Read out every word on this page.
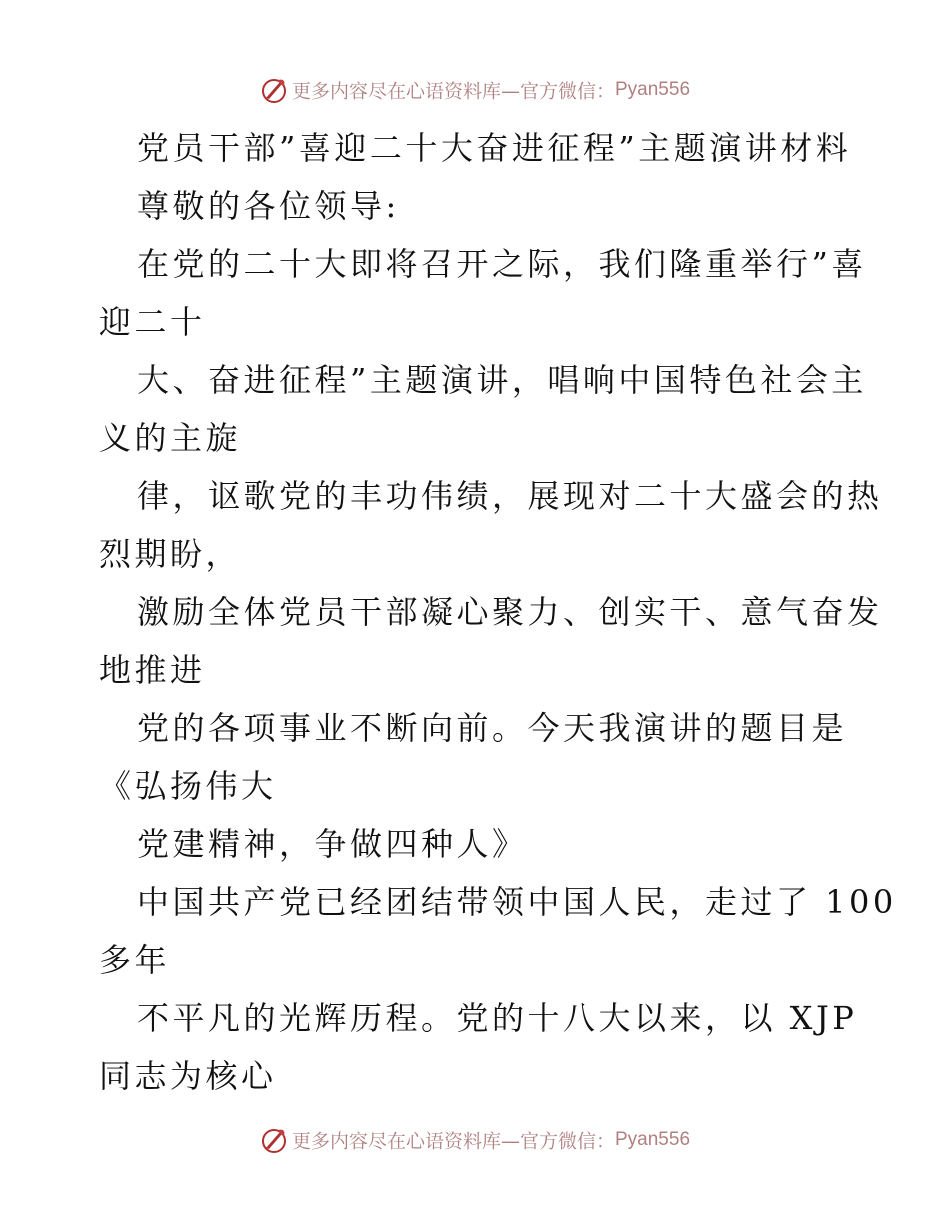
更多内容尽在心语资料库—官方微信：Pyan556
党员干部”喜迎二十大奋进征程”主题演讲材料
尊敬的各位领导:
在党的二十大即将召开之际，我们隆重举行”喜
迎二十
大、奋进征程”主题演讲，唱响中国特色社会主
义的主旋
律，讴歌党的丰功伟绩，展现对二十大盛会的热
烈期盼，
激励全体党员干部凝心聚力、创实干、意气奋发
地推进
党的各项事业不断向前。今天我演讲的题目是
《弘扬伟大
党建精神，争做四种人》
中国共产党已经团结带领中国人民，走过了 100
多年
不平凡的光辉历程。党的十八大以来，以 XJP
同志为核心
更多内容尽在心语资料库—官方微信：Pyan556
